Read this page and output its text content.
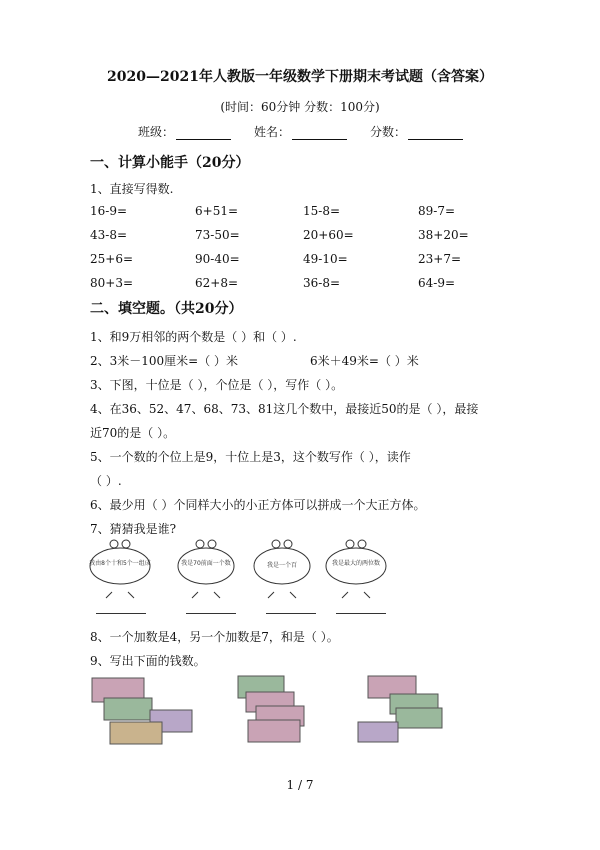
2020—2021年人教版一年级数学下册期末考试题（含答案）
(时间：60分钟 分数：100分)
班级：	姓名：	分数：
一、计算小能手（20分）
1、直接写得数.
16-9=	6+51=	15-8=	89-7=
43-8=	73-50=	20+60=	38+20=
25+6=	90-40=	49-10=	23+7=
80+3=	62+8=	36-8=	64-9=
二、填空题。（共20分）
1、和9万相邻的两个数是（ ）和（ ）.
2、3米－100厘米=（ ）米	6米＋49米=（ ）米
3、下图，十位是（ ），个位是（ ），写作（ ）。
4、在36、52、47、68、73、81这几个数中，最接近50的是（ ），最接
近70的是（ ）。
5、一个数的个位上是9，十位上是3，这个数写作（ ），读作
（ ）.
6、最少用（ ）个同样大小的小正方体可以拼成一个大正方体。
7、猜猜我是谁?
我由8个十和5个一组成	我是70前面一个数	我是一个百	我是最大的两位数
8、一个加数是4，另一个加数是7，和是（ ）。
9、写出下面的钱数。
1 / 7
